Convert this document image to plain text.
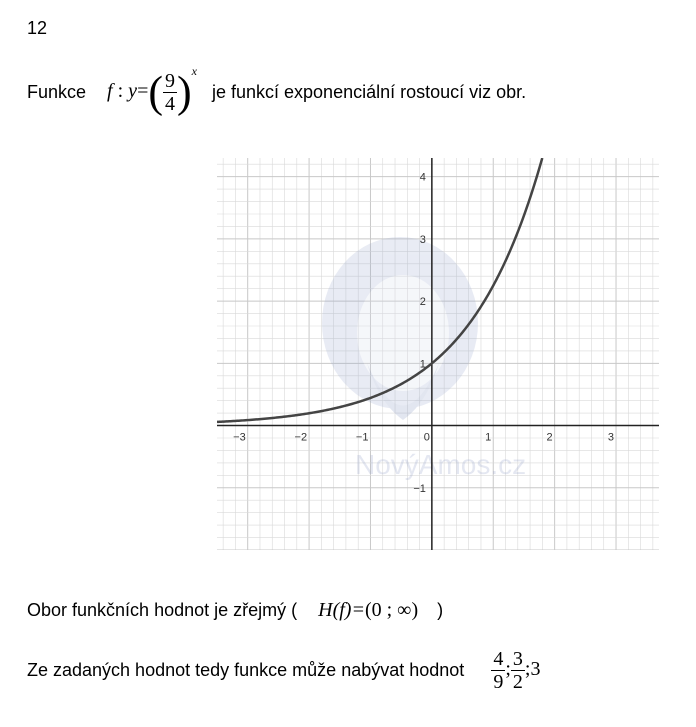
12
Funkce f : $y=( \frac{9}{4} )^x$ je funkcí exponenciální rostoucí viz obr.
NovýAmos.cz
−3	−2	−1	0	1	2	3
−1
1
2
3
4
Obor funkčních hodnot je zřejmý ( H(f)=(0 ; ∞) )
Ze zadaných hodnot tedy funkce může nabývat hodnot $\frac{4}{9}$ ; $\frac{3}{2}$ ;3
